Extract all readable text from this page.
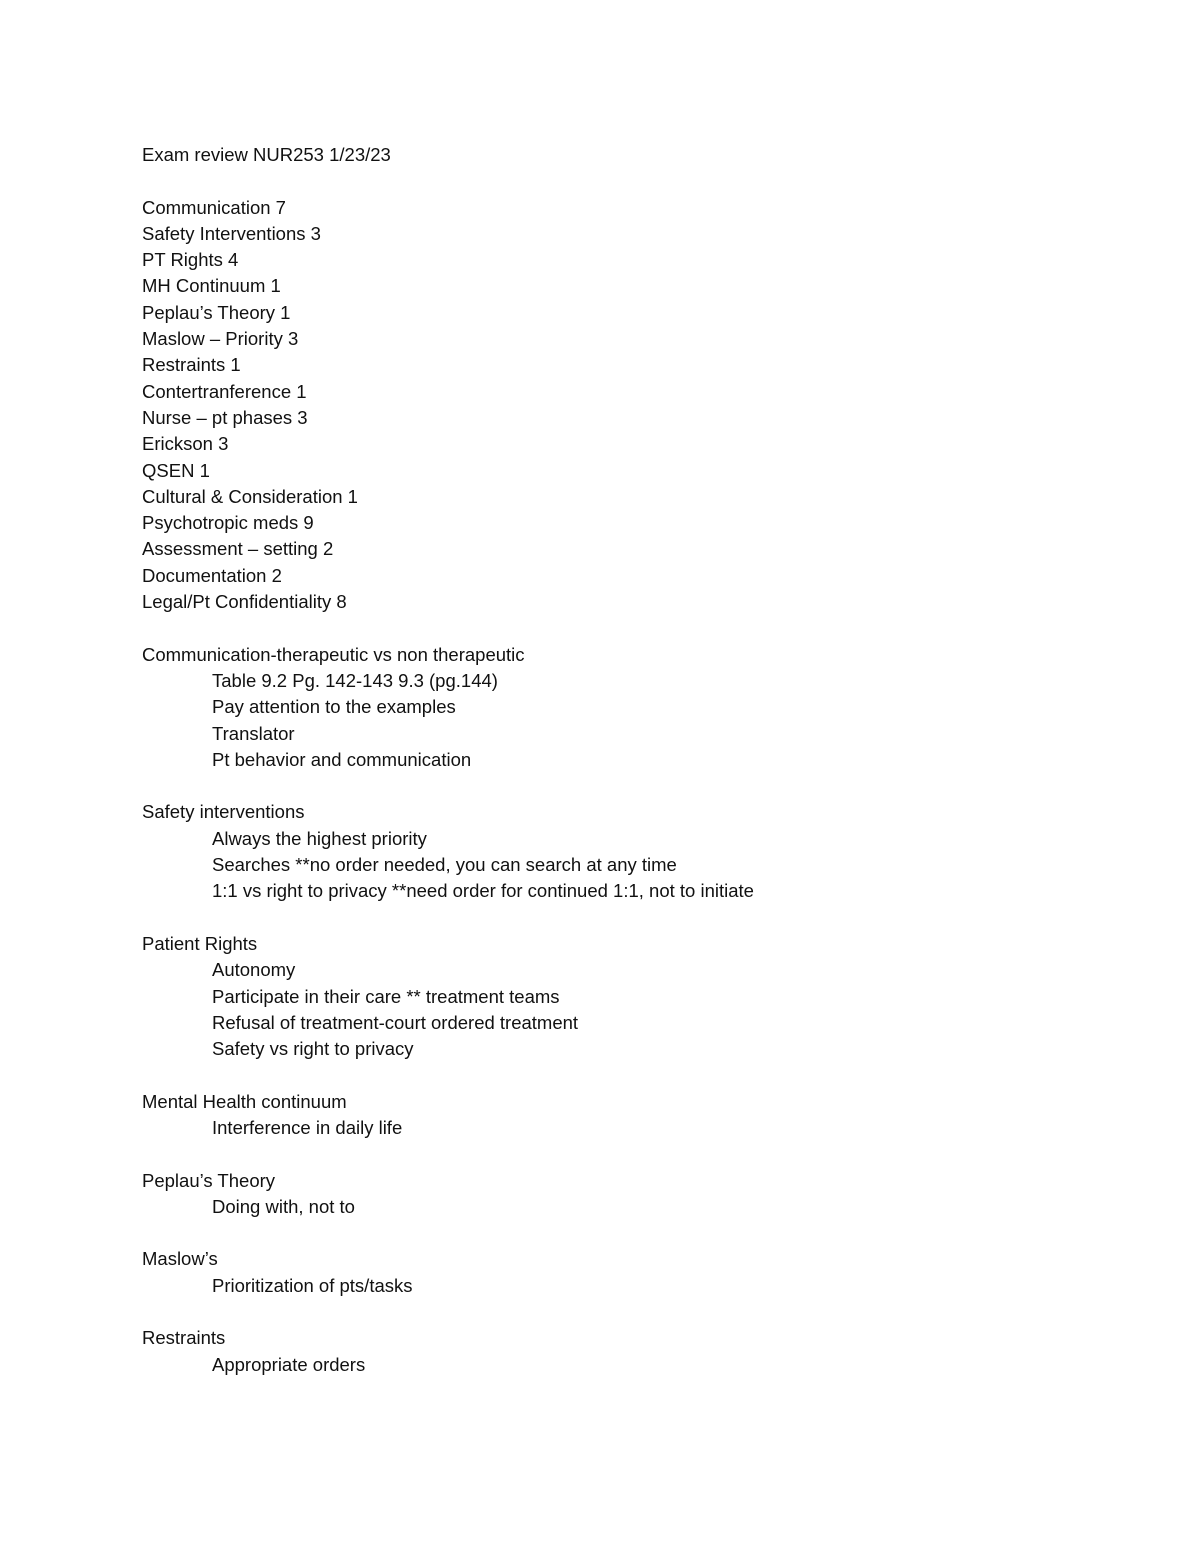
Exam review NUR253 1/23/23
Communication 7
Safety Interventions 3
PT Rights 4
MH Continuum 1
Peplau’s Theory 1
Maslow – Priority 3
Restraints 1
Contertranference 1
Nurse – pt phases 3
Erickson 3
QSEN 1
Cultural & Consideration 1
Psychotropic meds 9
Assessment – setting 2
Documentation 2
Legal/Pt Confidentiality 8
Communication-therapeutic vs non therapeutic
Table 9.2 Pg. 142-143 9.3 (pg.144)
Pay attention to the examples
Translator
Pt behavior and communication
Safety interventions
Always the highest priority
Searches **no order needed, you can search at any time
1:1 vs right to privacy **need order for continued 1:1, not to initiate
Patient Rights
Autonomy
Participate in their care ** treatment teams
Refusal of treatment-court ordered treatment
Safety vs right to privacy
Mental Health continuum
Interference in daily life
Peplau’s Theory
Doing with, not to
Maslow’s
Prioritization of pts/tasks
Restraints
Appropriate orders
